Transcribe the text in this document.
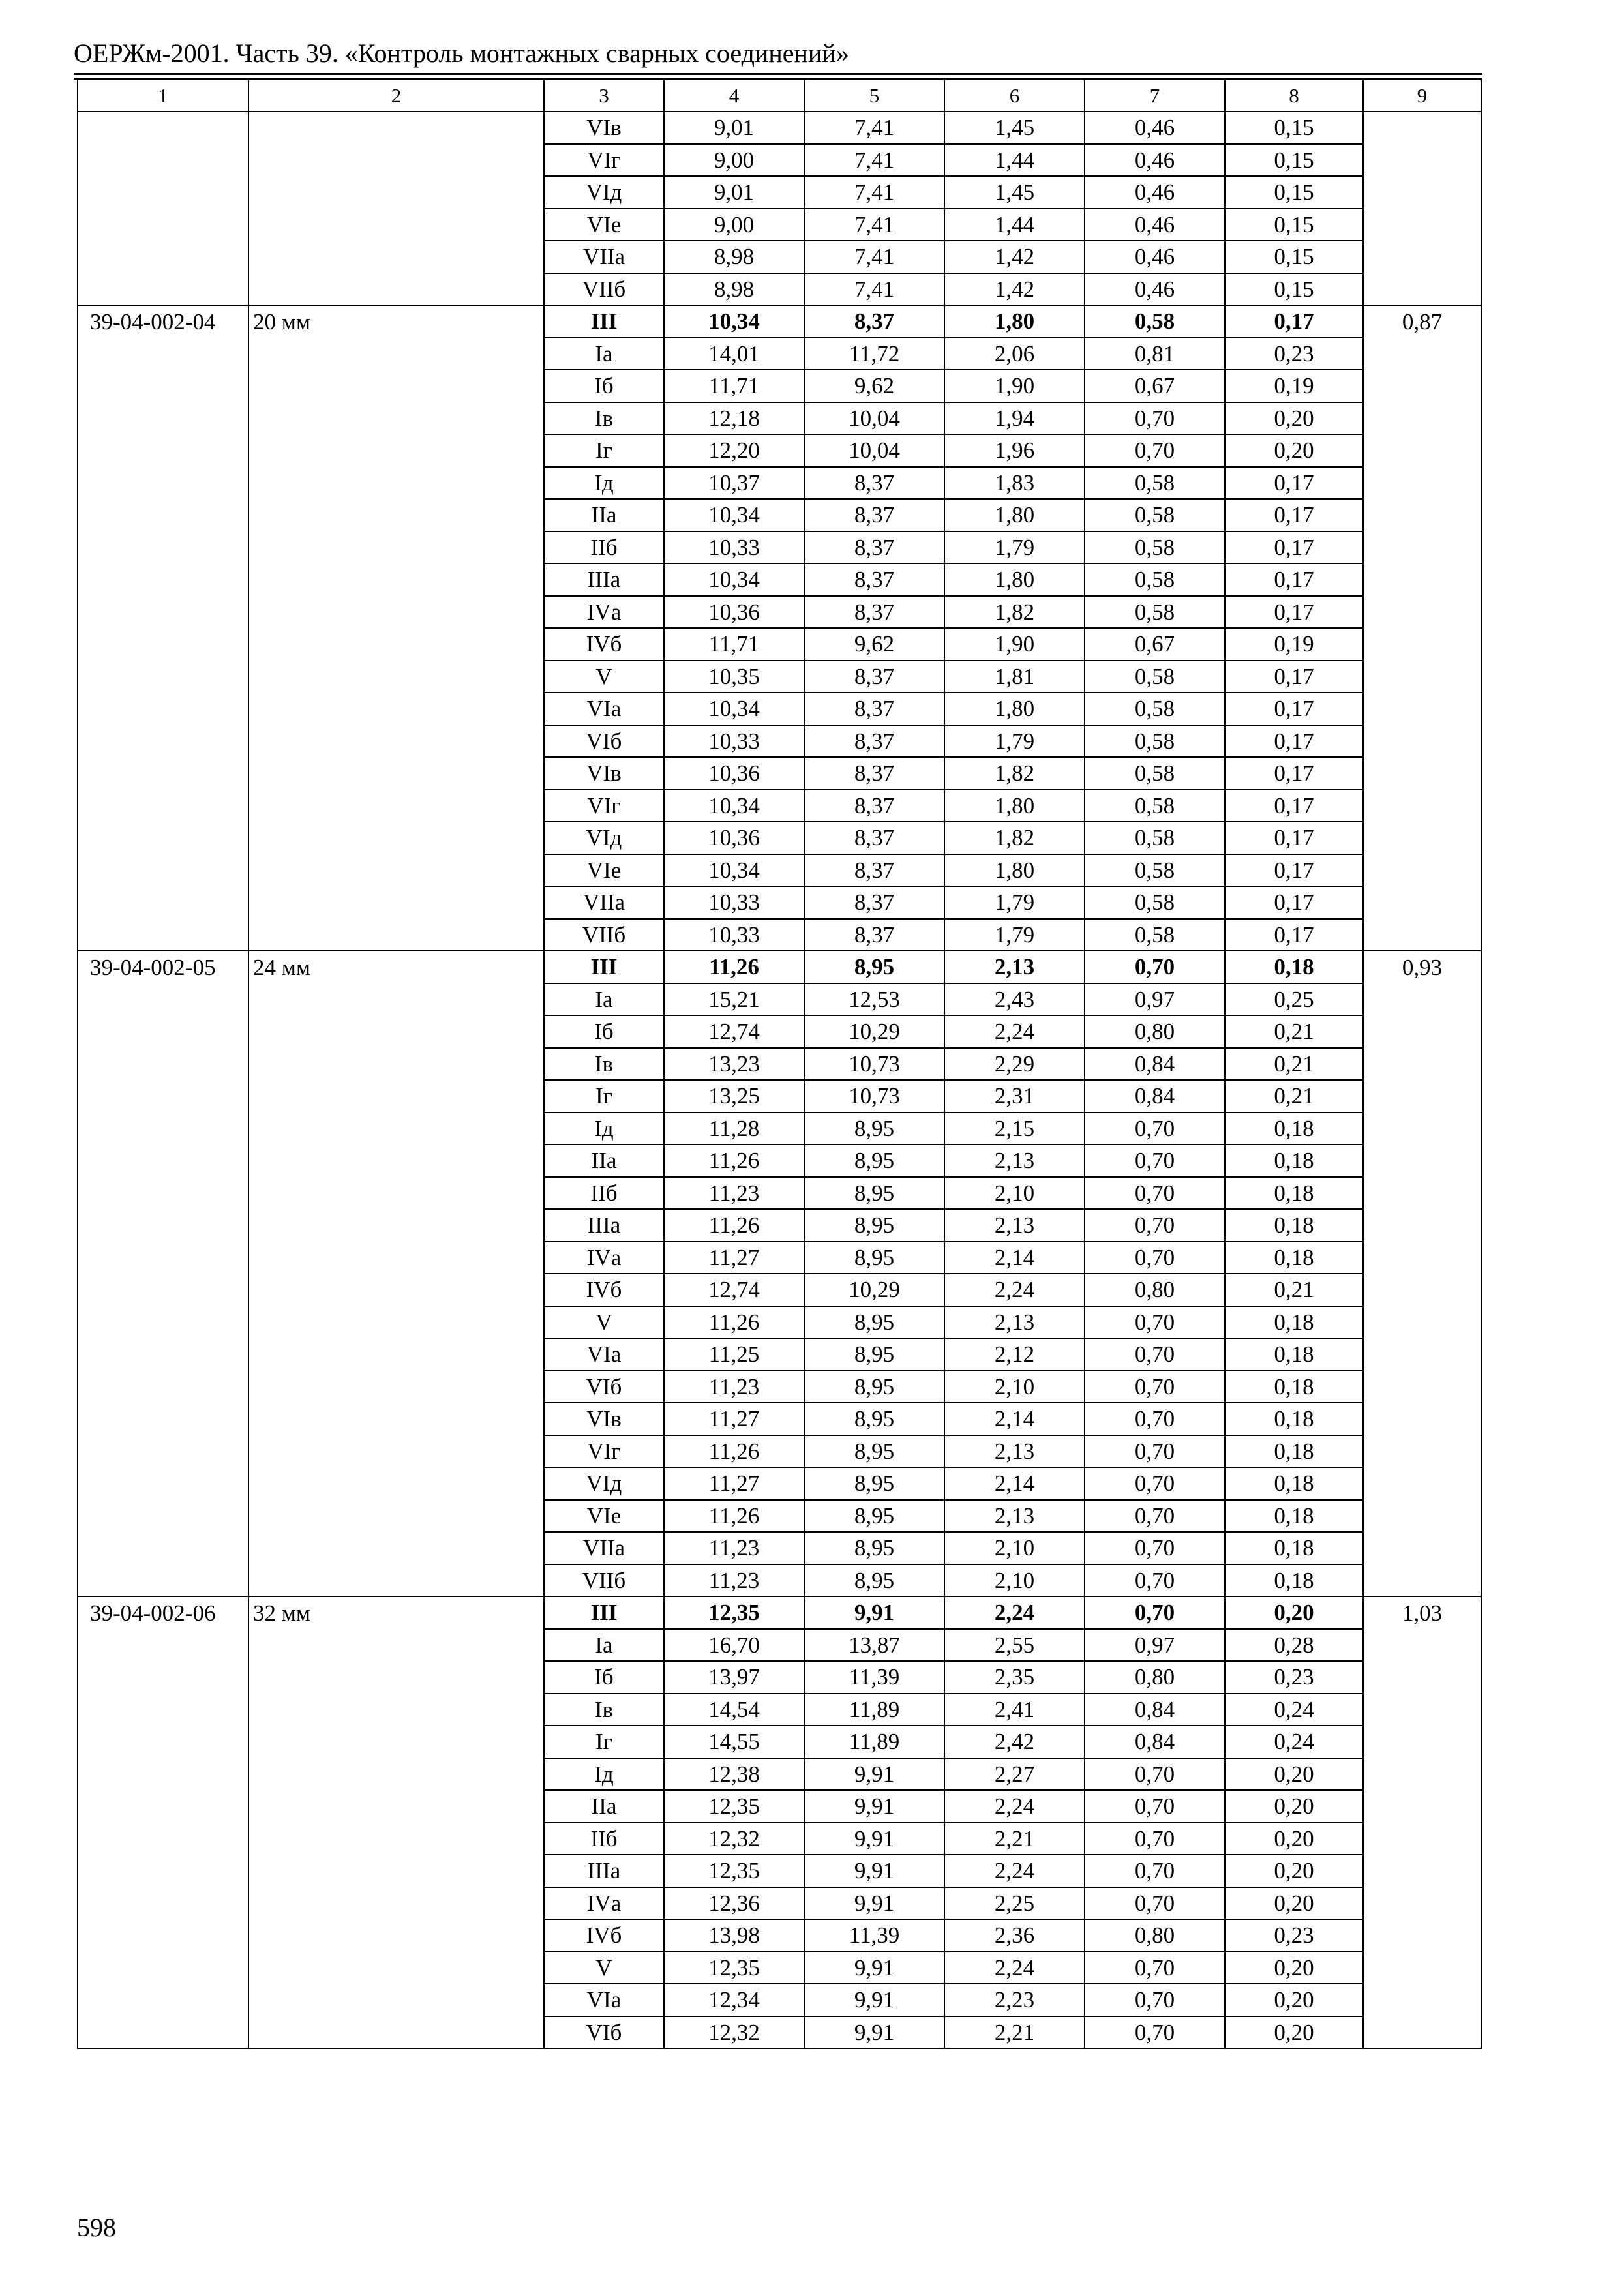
ОЕРЖм-2001. Часть 39. «Контроль монтажных сварных соединений»
1	2	3	4	5	6	7	8	9
		VIв	9,01	7,41	1,45	0,46	0,15	
		VIг	9,00	7,41	1,44	0,46	0,15	
		VIд	9,01	7,41	1,45	0,46	0,15	
		VIе	9,00	7,41	1,44	0,46	0,15	
		VIIа	8,98	7,41	1,42	0,46	0,15	
		VIIб	8,98	7,41	1,42	0,46	0,15	
39-04-002-04	20 мм	III	10,34	8,37	1,80	0,58	0,17	0,87
		Iа	14,01	11,72	2,06	0,81	0,23	
		Iб	11,71	9,62	1,90	0,67	0,19	
		Iв	12,18	10,04	1,94	0,70	0,20	
		Iг	12,20	10,04	1,96	0,70	0,20	
		Iд	10,37	8,37	1,83	0,58	0,17	
		IIа	10,34	8,37	1,80	0,58	0,17	
		IIб	10,33	8,37	1,79	0,58	0,17	
		IIIа	10,34	8,37	1,80	0,58	0,17	
		IVа	10,36	8,37	1,82	0,58	0,17	
		IVб	11,71	9,62	1,90	0,67	0,19	
		V	10,35	8,37	1,81	0,58	0,17	
		VIа	10,34	8,37	1,80	0,58	0,17	
		VIб	10,33	8,37	1,79	0,58	0,17	
		VIв	10,36	8,37	1,82	0,58	0,17	
		VIг	10,34	8,37	1,80	0,58	0,17	
		VIд	10,36	8,37	1,82	0,58	0,17	
		VIе	10,34	8,37	1,80	0,58	0,17	
		VIIа	10,33	8,37	1,79	0,58	0,17	
		VIIб	10,33	8,37	1,79	0,58	0,17	
39-04-002-05	24 мм	III	11,26	8,95	2,13	0,70	0,18	0,93
		Iа	15,21	12,53	2,43	0,97	0,25	
		Iб	12,74	10,29	2,24	0,80	0,21	
		Iв	13,23	10,73	2,29	0,84	0,21	
		Iг	13,25	10,73	2,31	0,84	0,21	
		Iд	11,28	8,95	2,15	0,70	0,18	
		IIа	11,26	8,95	2,13	0,70	0,18	
		IIб	11,23	8,95	2,10	0,70	0,18	
		IIIа	11,26	8,95	2,13	0,70	0,18	
		IVа	11,27	8,95	2,14	0,70	0,18	
		IVб	12,74	10,29	2,24	0,80	0,21	
		V	11,26	8,95	2,13	0,70	0,18	
		VIа	11,25	8,95	2,12	0,70	0,18	
		VIб	11,23	8,95	2,10	0,70	0,18	
		VIв	11,27	8,95	2,14	0,70	0,18	
		VIг	11,26	8,95	2,13	0,70	0,18	
		VIд	11,27	8,95	2,14	0,70	0,18	
		VIе	11,26	8,95	2,13	0,70	0,18	
		VIIа	11,23	8,95	2,10	0,70	0,18	
		VIIб	11,23	8,95	2,10	0,70	0,18	
39-04-002-06	32 мм	III	12,35	9,91	2,24	0,70	0,20	1,03
		Iа	16,70	13,87	2,55	0,97	0,28	
		Iб	13,97	11,39	2,35	0,80	0,23	
		Iв	14,54	11,89	2,41	0,84	0,24	
		Iг	14,55	11,89	2,42	0,84	0,24	
		Iд	12,38	9,91	2,27	0,70	0,20	
		IIа	12,35	9,91	2,24	0,70	0,20	
		IIб	12,32	9,91	2,21	0,70	0,20	
		IIIа	12,35	9,91	2,24	0,70	0,20	
		IVа	12,36	9,91	2,25	0,70	0,20	
		IVб	13,98	11,39	2,36	0,80	0,23	
		V	12,35	9,91	2,24	0,70	0,20	
		VIа	12,34	9,91	2,23	0,70	0,20	
		VIб	12,32	9,91	2,21	0,70	0,20	
598
